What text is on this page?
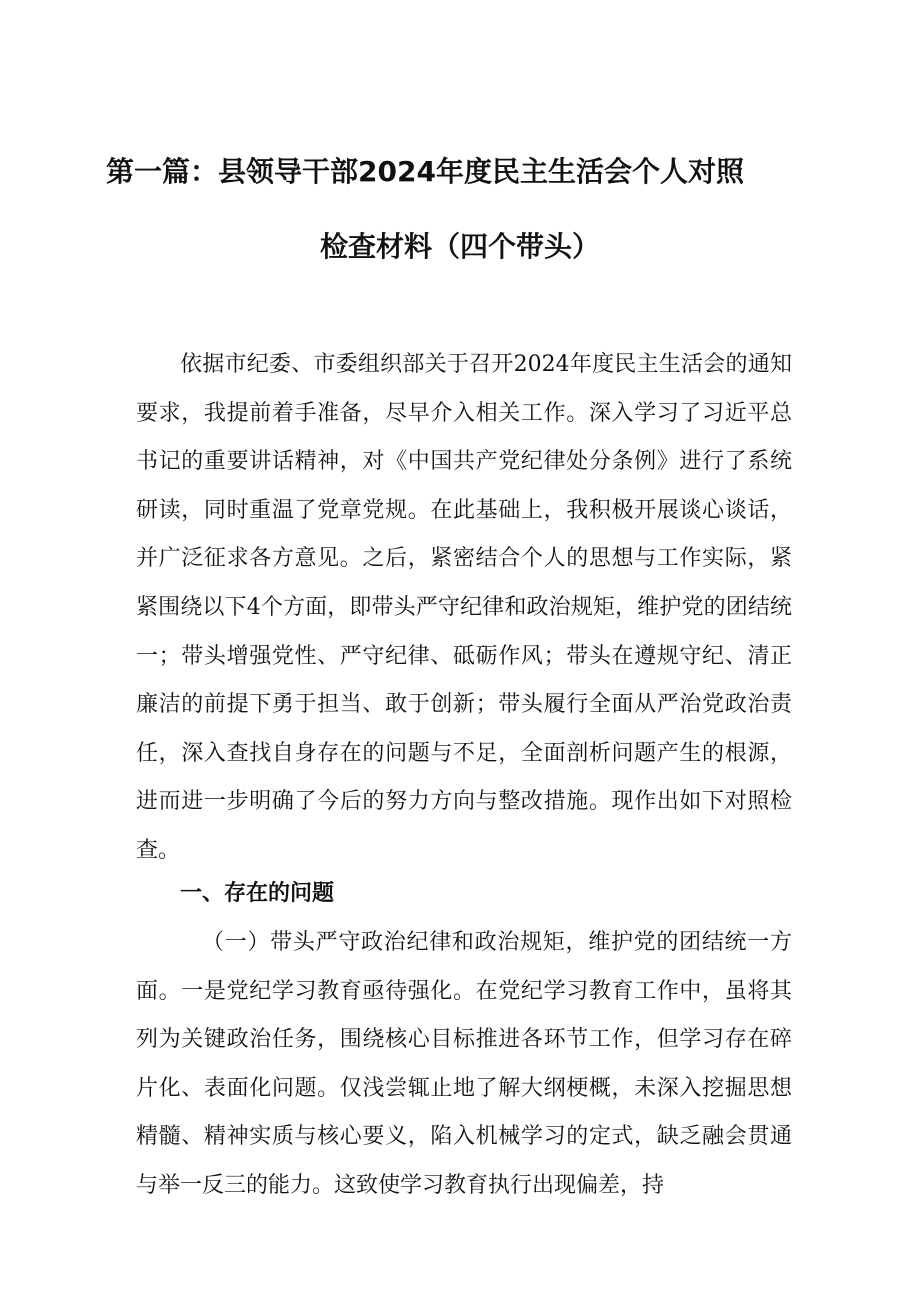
第一篇：县领导干部2024年度民主生活会个人对照
检查材料（四个带头）

依据市纪委、市委组织部关于召开2024年度民主生活会的通知要求，我提前着手准备，尽早介入相关工作。深入学习了习近平总书记的重要讲话精神，对《中国共产党纪律处分条例》进行了系统研读，同时重温了党章党规。在此基础上，我积极开展谈心谈话，并广泛征求各方意见。之后，紧密结合个人的思想与工作实际，紧紧围绕以下4个方面，即带头严守纪律和政治规矩，维护党的团结统一；带头增强党性、严守纪律、砥砺作风；带头在遵规守纪、清正廉洁的前提下勇于担当、敢于创新；带头履行全面从严治党政治责任，深入查找自身存在的问题与不足，全面剖析问题产生的根源，进而进一步明确了今后的努力方向与整改措施。现作出如下对照检查。

一、存在的问题

（一）带头严守政治纪律和政治规矩，维护党的团结统一方面。一是党纪学习教育亟待强化。在党纪学习教育工作中，虽将其列为关键政治任务，围绕核心目标推进各环节工作，但学习存在碎片化、表面化问题。仅浅尝辄止地了解大纲梗概，未深入挖掘思想精髓、精神实质与核心要义，陷入机械学习的定式，缺乏融会贯通与举一反三的能力。这致使学习教育执行出现偏差，持
